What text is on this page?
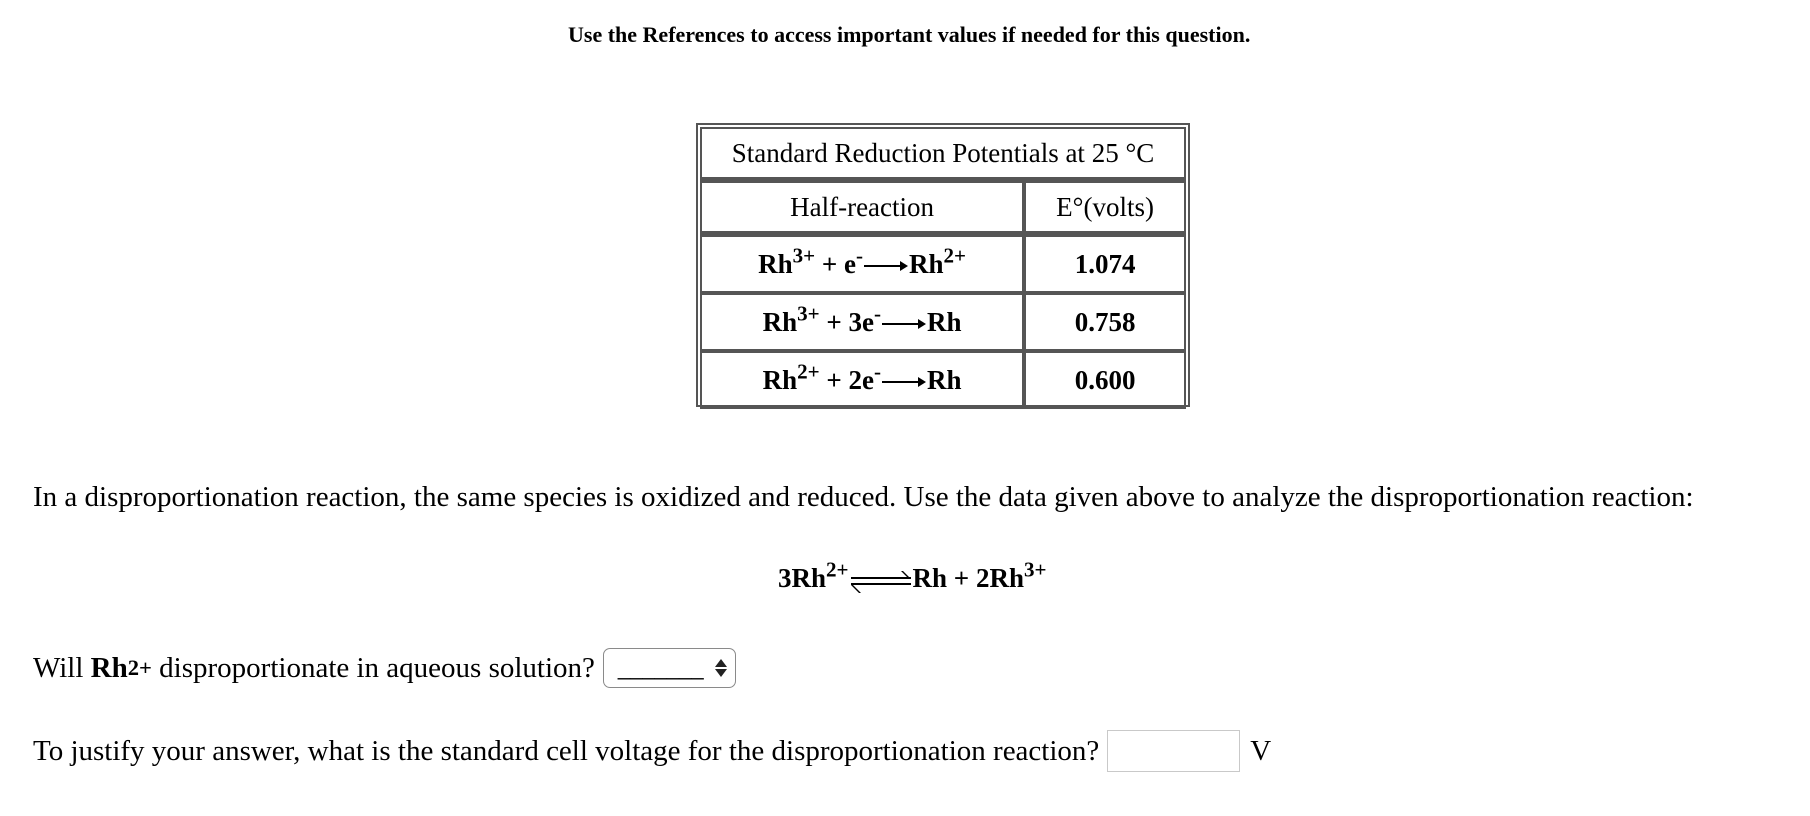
Use the References to access important values if needed for this question.
Standard Reduction Potentials at 25 °C	
Half-reaction	E°(volts)
$Rh^{3+} + e^-$ $Rh^{2+}$	1.074
$Rh^{3+} + 3e^-$ Rh	0.758
$Rh^{2+} + 2e^-$ Rh	0.600
In a disproportionation reaction, the same species is oxidized and reduced. Use the data given above to analyze the disproportionation reaction:
$3Rh^{2+}$ $Rh + 2Rh^{3+}$
Will Rh 2+ disproportionate in aqueous solution? _______
To justify your answer, what is the standard cell voltage for the disproportionation reaction?	V
